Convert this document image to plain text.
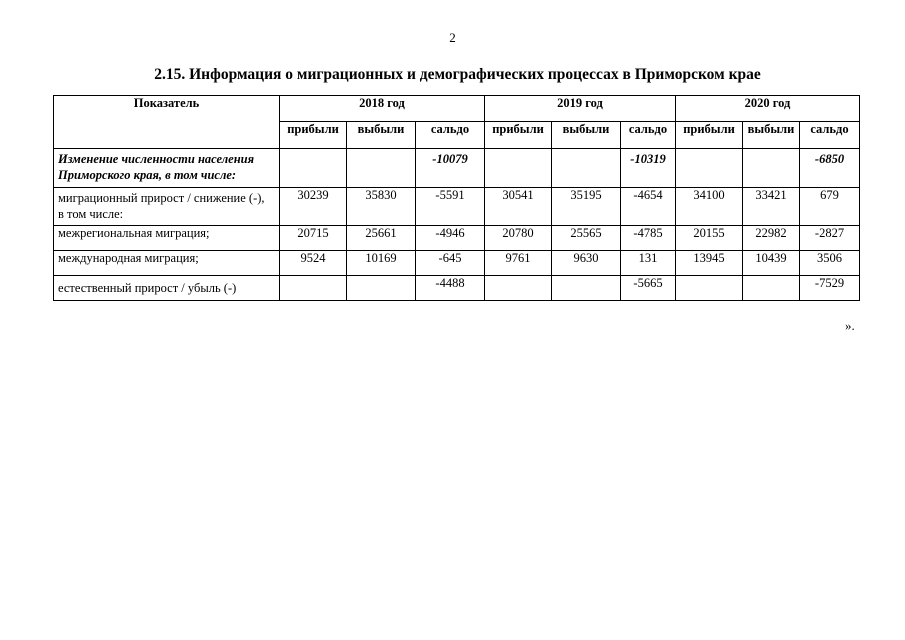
2
2.15. Информация о миграционных и демографических процессах в Приморском крае
Показатель	2018 год			2019 год			2020 год		
	прибыли	выбыли	сальдо	прибыли	выбыли	сальдо	прибыли	выбыли	сальдо
Изменение численности населения
Приморского края, в том числе:			-10079			-10319			-6850
миграционный прирост / снижение (-),
в том числе:	30239	35830	-5591	30541	35195	-4654	34100	33421	679
межрегиональная миграция;	20715	25661	-4946	20780	25565	-4785	20155	22982	-2827
международная миграция;	9524	10169	-645	9761	9630	131	13945	10439	3506
естественный прирост / убыль (-)			-4488			-5665			-7529
».
